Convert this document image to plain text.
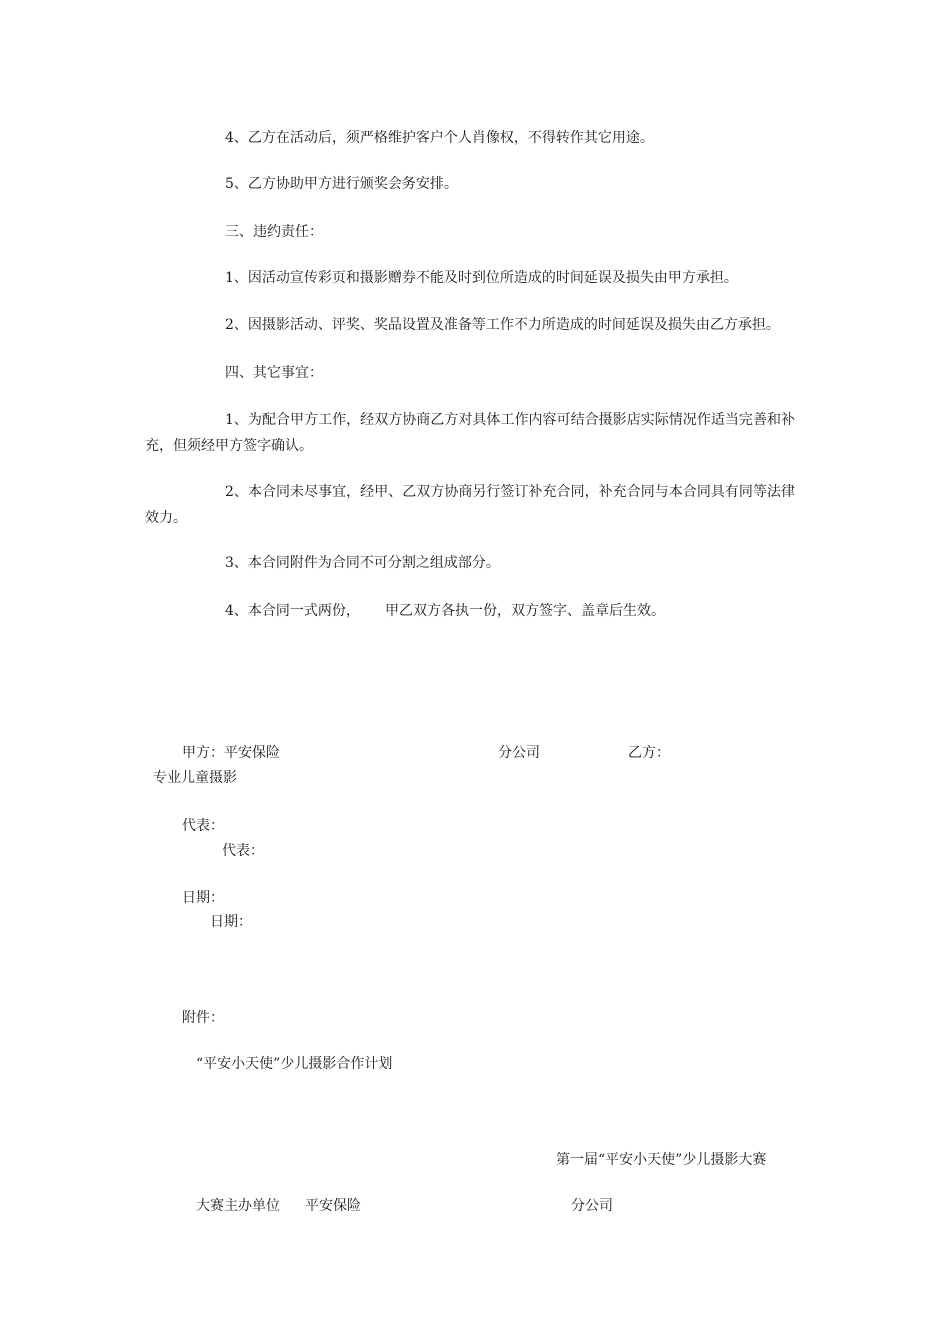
4、乙方在活动后，须严格维护客户个人肖像权，不得转作其它用途。

5、乙方协助甲方进行颁奖会务安排。

三、违约责任：

1、因活动宣传彩页和摄影赠券不能及时到位所造成的时间延误及损失由甲方承担。

2、因摄影活动、评奖、奖品设置及准备等工作不力所造成的时间延误及损失由乙方承担。

四、其它事宜：

1、为配合甲方工作，经双方协商乙方对具体工作内容可结合摄影店实际情况作适当完善和补充，但须经甲方签字确认。

2、本合同未尽事宜，经甲、乙双方协商另行签订补充合同，补充合同与本合同具有同等法律效力。

3、本合同附件为合同不可分割之组成部分。

4、本合同一式两份， 甲乙双方各执一份，双方签字、盖章后生效。

甲方：平安保险	分公司	乙方：

专业儿童摄影

代表：

代表：

日期：

日期：

附件：

“平安小天使”少儿摄影合作计划

第一届“平安小天使”少儿摄影大赛

大赛主办单位 平安保险	分公司
